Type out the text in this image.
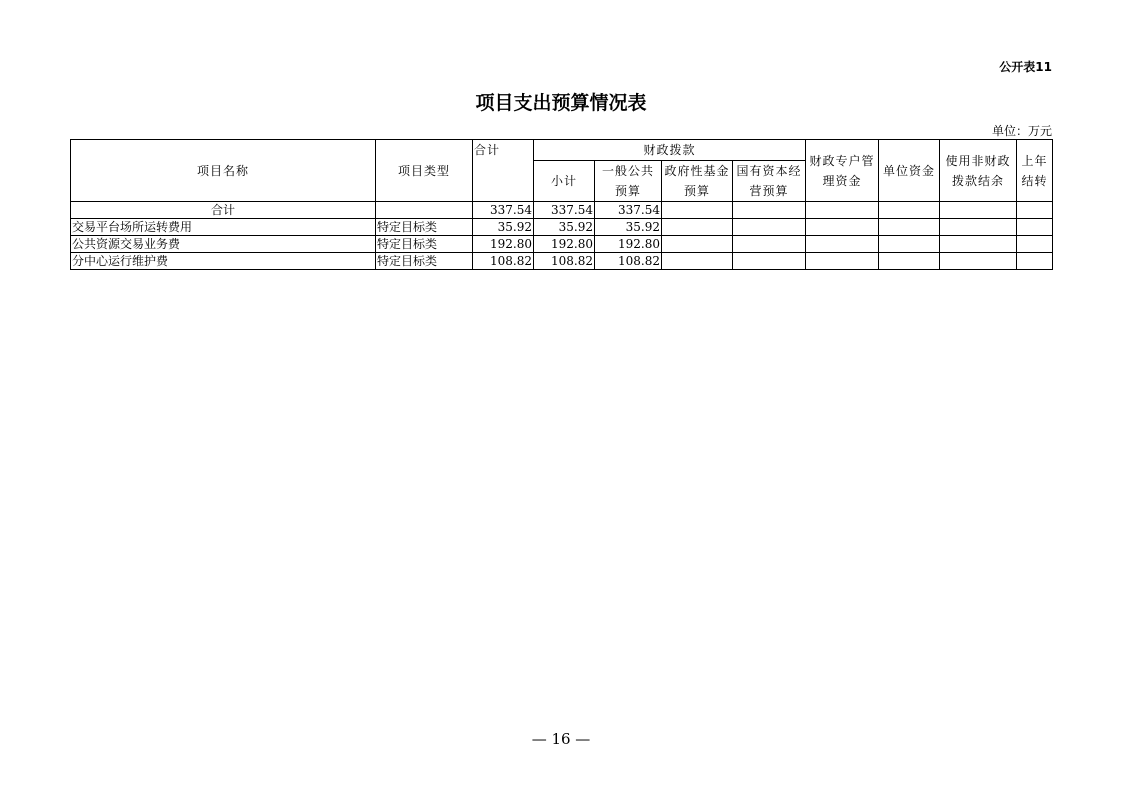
公开表11
项目支出预算情况表
单位：万元
项目名称	项目类型	合计	财政拨款				财政专户管理资金	单位资金	使用非财政拨款结余	上年结转
			小计	一般公共预算	政府性基金预算	国有资本经营预算				
合计		337.54	337.54	337.54						
交易平台场所运转费用	特定目标类	35.92	35.92	35.92						
公共资源交易业务费	特定目标类	192.80	192.80	192.80						
分中心运行维护费	特定目标类	108.82	108.82	108.82						
— 16 —
